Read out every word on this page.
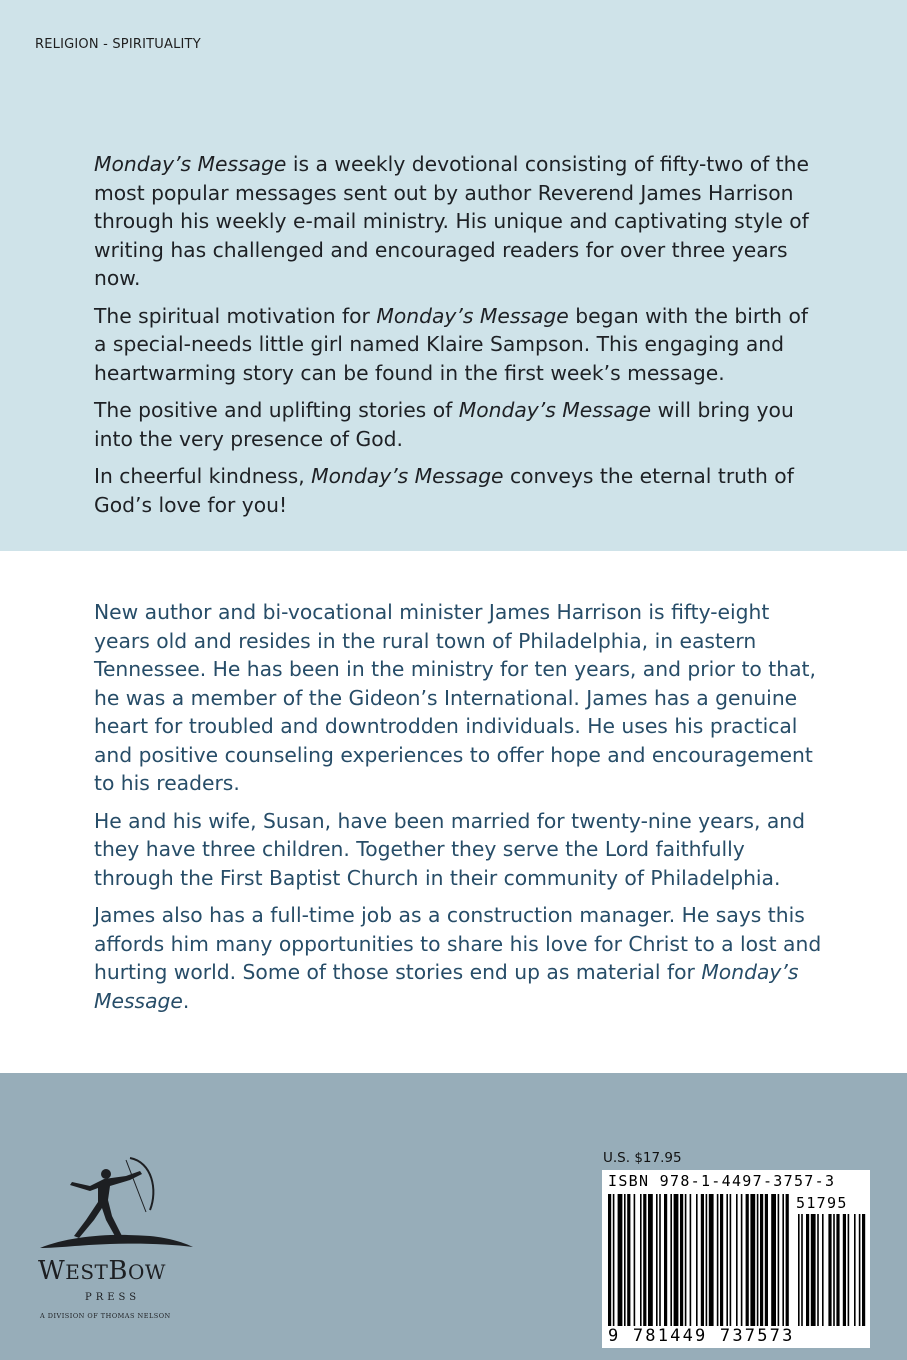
RELIGION - SPIRITUALITY

Monday’s Message is a weekly devotional consisting of fifty-two of the most popular messages sent out by author Reverend James Harrison through his weekly e-mail ministry. His unique and captivating style of writing has challenged and encouraged readers for over three years now.

The spiritual motivation for Monday’s Message began with the birth of a special-needs little girl named Klaire Sampson. This engaging and heartwarming story can be found in the first week’s message.

The positive and uplifting stories of Monday’s Message will bring you into the very presence of God.

In cheerful kindness, Monday’s Message conveys the eternal truth of God’s love for you!

New author and bi-vocational minister James Harrison is fifty-eight years old and resides in the rural town of Philadelphia, in eastern Tennessee. He has been in the ministry for ten years, and prior to that, he was a member of the Gideon’s International. James has a genuine heart for troubled and downtrodden individuals. He uses his practical and positive counseling experiences to offer hope and encouragement to his readers.

He and his wife, Susan, have been married for twenty-nine years, and they have three children. Together they serve the Lord faithfully through the First Baptist Church in their community of Philadelphia.

James also has a full-time job as a construction manager. He says this affords him many opportunities to share his love for Christ to a lost and hurting world. Some of those stories end up as material for Monday’s Message.

WESTBOW
PRESS
A DIVISION OF THOMAS NELSON
U.S. $17.95
ISBN 978-1-4497-3757-3
51795
9 781449 737573
